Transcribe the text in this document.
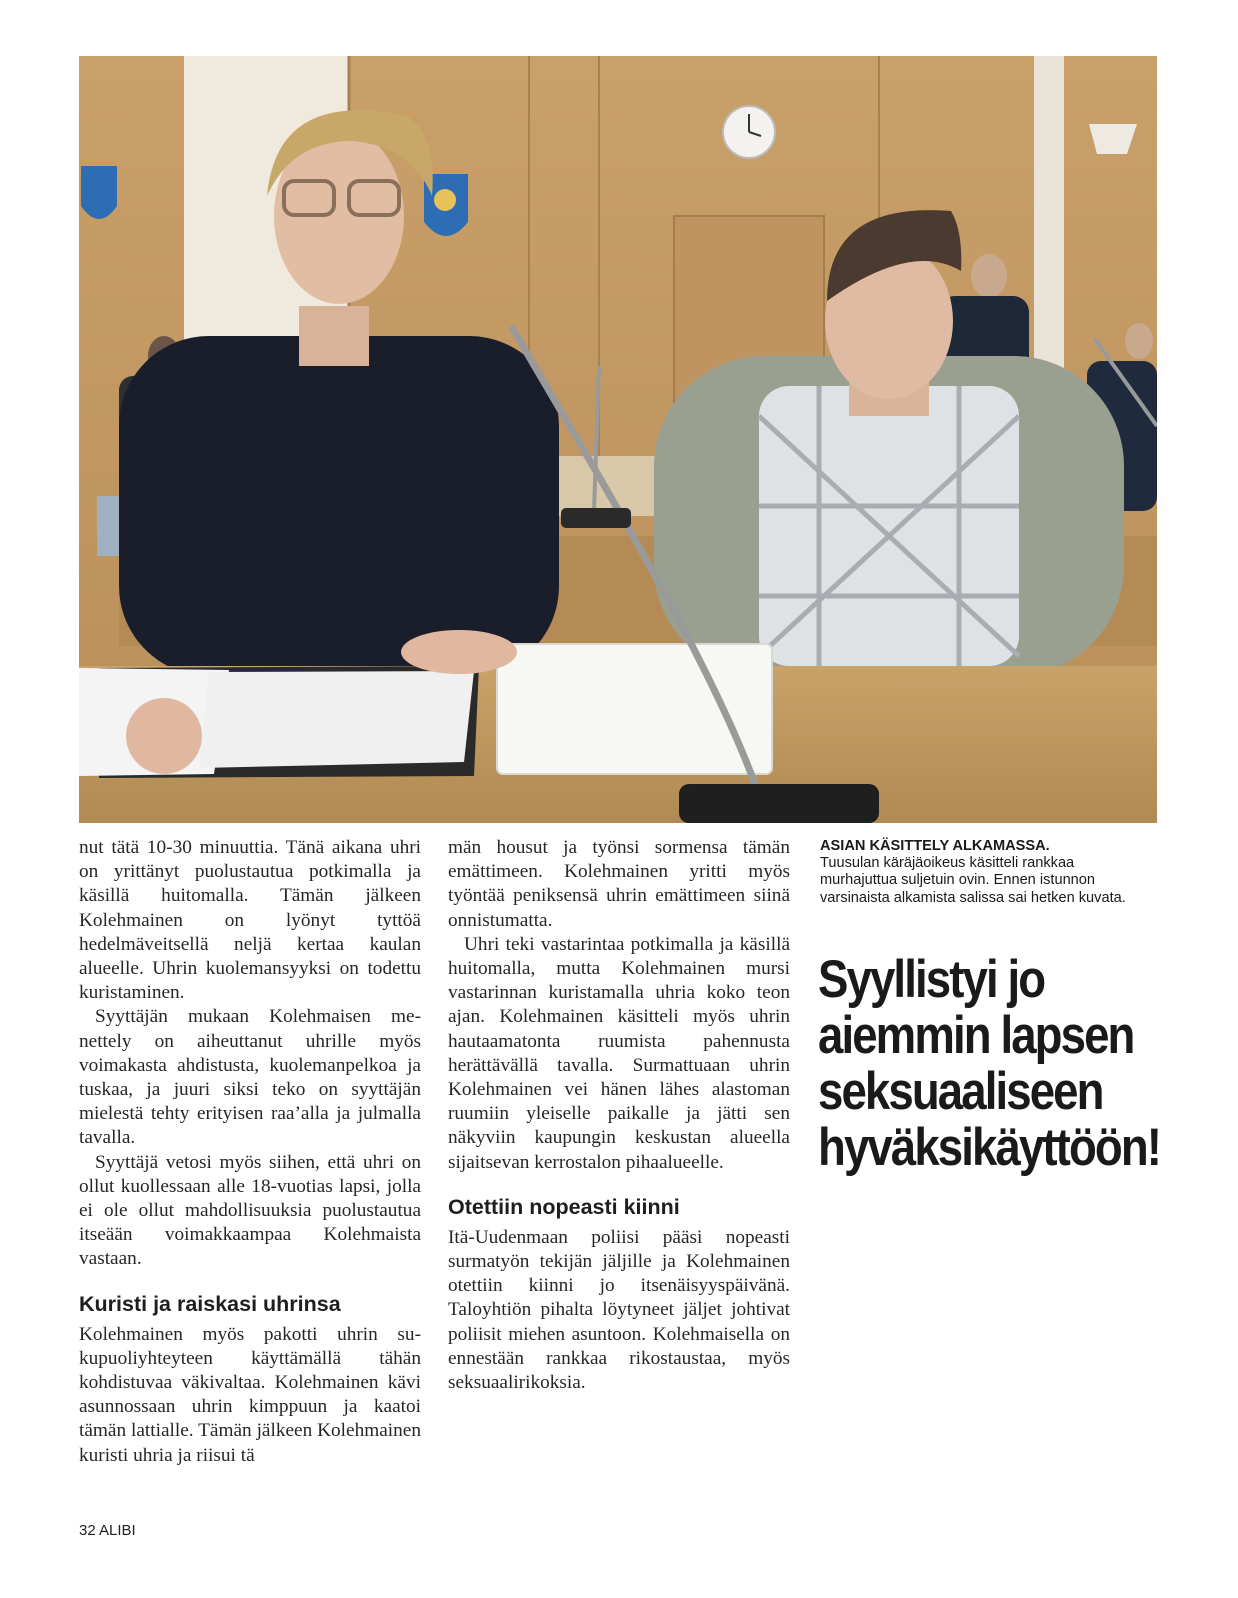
nut tätä 10-30 minuuttia. Tänä aikana uhri on yrittänyt puolustautua potkimalla ja käsillä huitomalla. Tämän jälkeen Kolehmainen on lyönyt tyttöä hedelmäveitsellä neljä kertaa kaulan alueelle. Uhrin kuolemansyyksi on todettu kuristaminen.

Syyttäjän mukaan Kolehmaisen menettely on aiheuttanut uhrille myös voimakasta ahdistusta, kuolemanpelkoa ja tuskaa, ja juuri siksi teko on syyttäjän mielestä tehty erityisen raa’alla ja julmalla tavalla.

Syyttäjä vetosi myös siihen, että uhri on ollut kuollessaan alle 18-vuotias lapsi, jolla ei ole ollut mahdollisuuksia puolustautua itseään voimakkaampaa Kolehmaista vastaan.

Kuristi ja raiskasi uhrinsa

Kolehmainen myös pakotti uhrin sukupuoliyhteyteen käyttämällä tähän kohdistuvaa väkivaltaa. Kolehmainen kävi asunnossaan uhrin kimppuun ja kaatoi tämän lattialle. Tämän jälkeen Kolehmainen kuristi uhria ja riisui tä

män housut ja työnsi sormensa tämän emättimeen. Kolehmainen yritti myös työntää peniksensä uhrin emättimeen siinä onnistumatta.

Uhri teki vastarintaa potkimalla ja käsillä huitomalla, mutta Kolehmainen mursi vastarinnan kuristamalla uhria koko teon ajan. Kolehmainen käsitteli myös uhrin hautaamatonta ruumista pahennusta herättävällä tavalla. Surmattuaan uhrin Kolehmainen vei hänen lähes alastoman ruumiin yleiselle paikalle ja jätti sen näkyviin kaupungin keskustan alueella sijaitsevan kerrostalon pihaalueelle.

Otettiin nopeasti kiinni

Itä-Uudenmaan poliisi pääsi nopeasti surmatyön tekijän jäljille ja Kolehmainen otettiin kiinni jo itsenäisyyspäivänä. Taloyhtiön pihalta löytyneet jäljet johtivat poliisit miehen asuntoon. Kolehmaisella on ennestään rankkaa rikostaustaa, myös seksuaalirikoksia.

ASIAN KÄSITTELY ALKAMASSA.
Tuusulan käräjäoikeus käsitteli rankkaa murhajuttua suljetuin ovin. Ennen istunnon varsinaista alkamista salissa sai hetken kuvata.
Syyllistyi jo
aiemmin lapsen
seksuaaliseen
hyväksikäyttöön!
32 ALIBI
